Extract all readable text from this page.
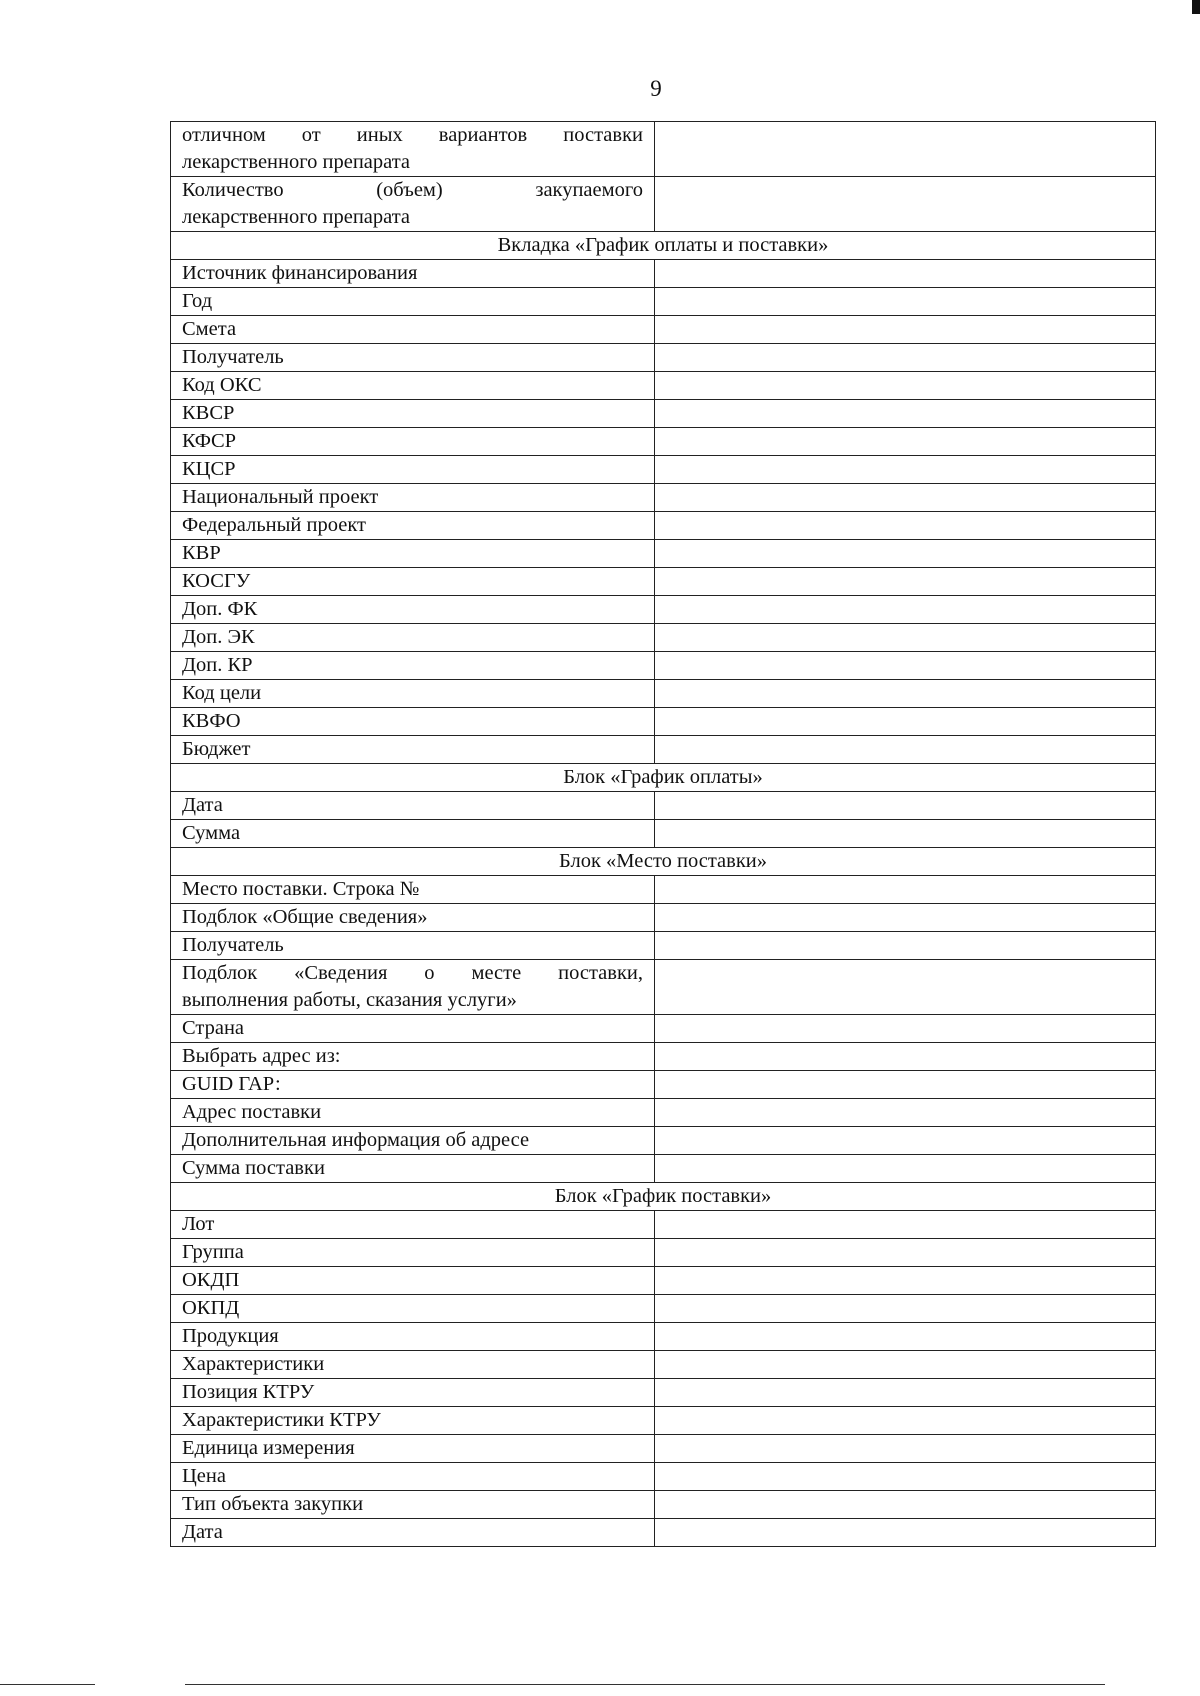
9
отличном от иных вариантов поставки
лекарственного препарата	

Количество (объем) закупаемого
лекарственного препарата	
Вкладка «График оплаты и поставки»	
Источник финансирования	
Год	
Смета	
Получатель	
Код ОКС	
КВСР	
КФСР	
КЦСР	
Национальный проект	
Федеральный проект	
КВР	
КОСГУ	
Доп. ФК	
Доп. ЭК	
Доп. КР	
Код цели	
КВФО	
Бюджет	
Блок «График оплаты»	
Дата	
Сумма	
Блок «Место поставки»	
Место поставки. Строка №	
Подблок «Общие сведения»	
Получатель	

Подблок «Сведения о месте поставки,
выполнения работы, сказания услуги»	
Страна	
Выбрать адрес из:	
GUID ГАР:	
Адрес поставки	
Дополнительная информация об адресе	
Сумма поставки	
Блок «График поставки»	
Лот	
Группа	
ОКДП	
ОКПД	
Продукция	
Характеристики	
Позиция КТРУ	
Характеристики КТРУ	
Единица измерения	
Цена	
Тип объекта закупки	
Дата	
